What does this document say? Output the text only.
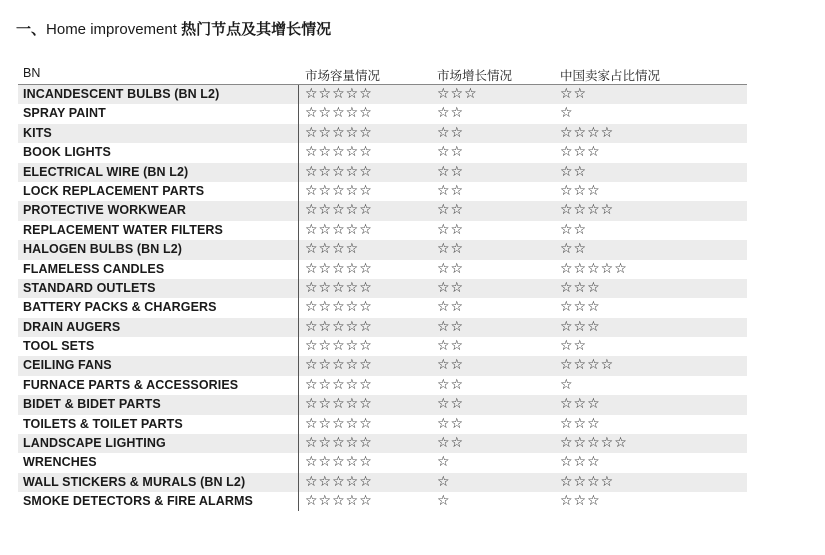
一、Home improvement 热门节点及其增长情况
BN	市场容量情况	市场增长情况	中国卖家占比情况
INCANDESCENT BULBS (BN L2)	☆☆☆☆☆	☆☆☆	☆☆
SPRAY PAINT	☆☆☆☆☆	☆☆	☆
KITS	☆☆☆☆☆	☆☆	☆☆☆☆
BOOK LIGHTS	☆☆☆☆☆	☆☆	☆☆☆
ELECTRICAL WIRE (BN L2)	☆☆☆☆☆	☆☆	☆☆
LOCK REPLACEMENT PARTS	☆☆☆☆☆	☆☆	☆☆☆
PROTECTIVE WORKWEAR	☆☆☆☆☆	☆☆	☆☆☆☆
REPLACEMENT WATER FILTERS	☆☆☆☆☆	☆☆	☆☆
HALOGEN BULBS (BN L2)	☆☆☆☆	☆☆	☆☆
FLAMELESS CANDLES	☆☆☆☆☆	☆☆	☆☆☆☆☆
STANDARD OUTLETS	☆☆☆☆☆	☆☆	☆☆☆
BATTERY PACKS & CHARGERS	☆☆☆☆☆	☆☆	☆☆☆
DRAIN AUGERS	☆☆☆☆☆	☆☆	☆☆☆
TOOL SETS	☆☆☆☆☆	☆☆	☆☆
CEILING FANS	☆☆☆☆☆	☆☆	☆☆☆☆
FURNACE PARTS & ACCESSORIES	☆☆☆☆☆	☆☆	☆
BIDET & BIDET PARTS	☆☆☆☆☆	☆☆	☆☆☆
TOILETS & TOILET PARTS	☆☆☆☆☆	☆☆	☆☆☆
LANDSCAPE LIGHTING	☆☆☆☆☆	☆☆	☆☆☆☆☆
WRENCHES	☆☆☆☆☆	☆	☆☆☆
WALL STICKERS & MURALS (BN L2)	☆☆☆☆☆	☆	☆☆☆☆
SMOKE DETECTORS & FIRE ALARMS	☆☆☆☆☆	☆	☆☆☆
